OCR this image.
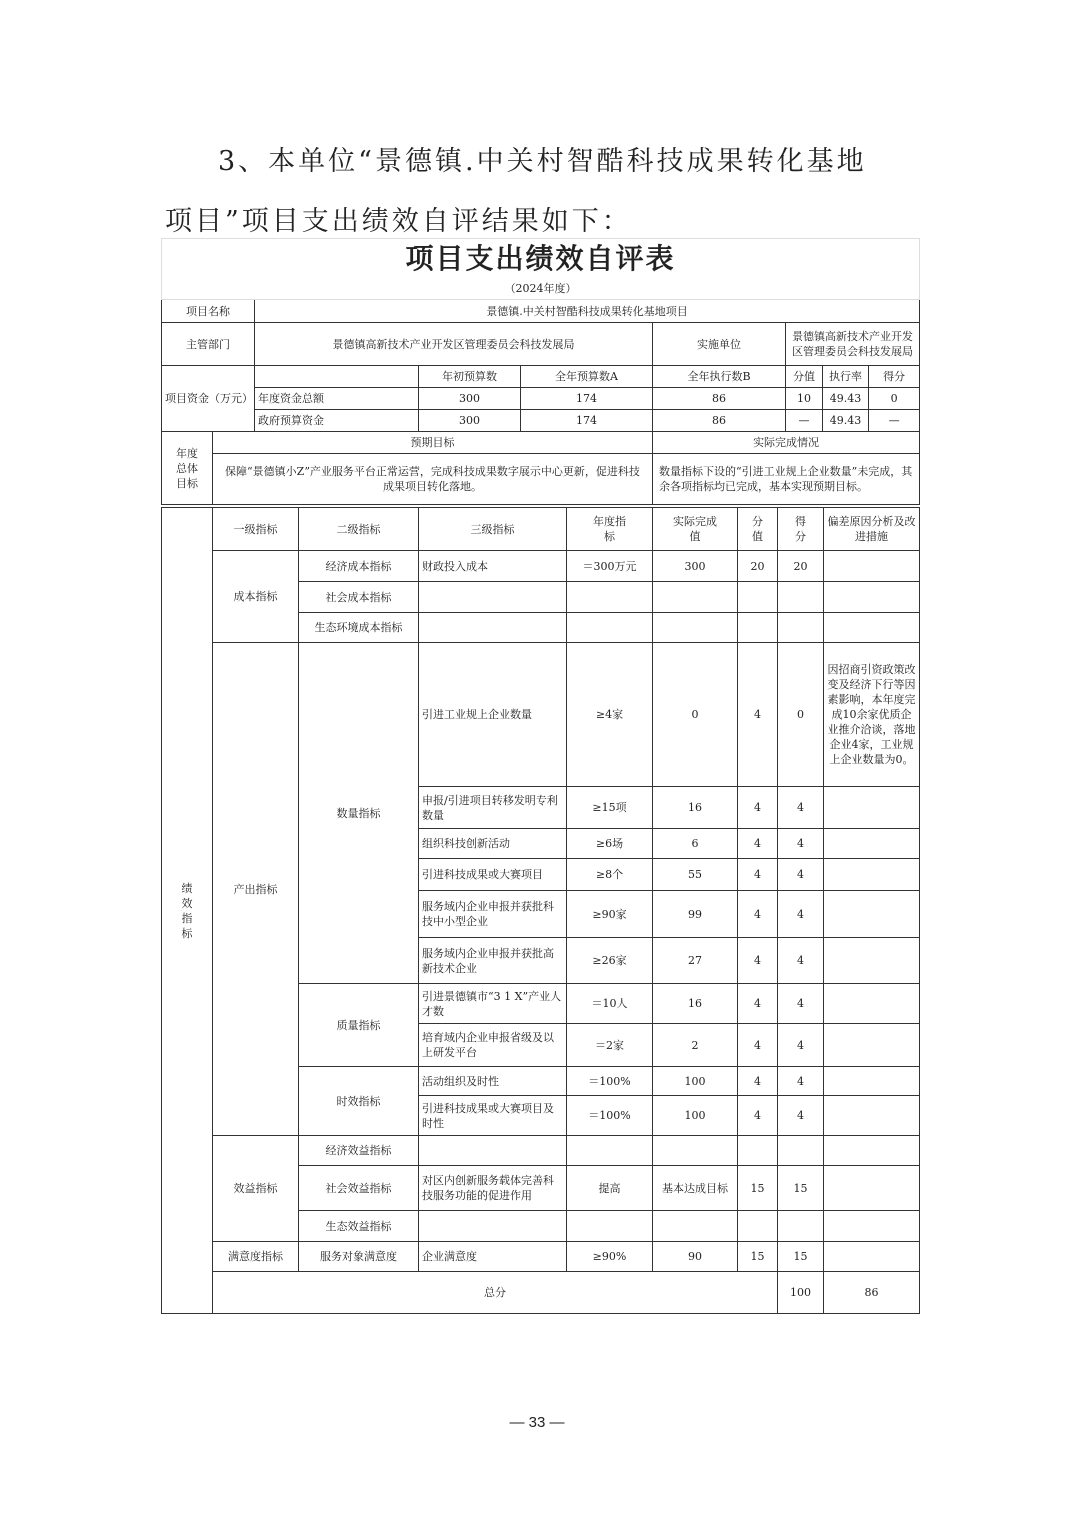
3、本单位“景德镇.中关村智酷科技成果转化基地项目”项目支出绩效自评结果如下：

项目支出绩效自评表								
（2024年度）								
项目名称		景德镇.中关村智酷科技成果转化基地项目						
主管部门		景德镇高新技术产业开发区管理委员会科技发展局			实施单位	景德镇高新技术产业开发区管理委员会科技发展局		
项目资金（万元）			年初预算数	全年预算数A	全年执行数B	分值	执行率	得分
		年度资金总额	300	174	86	10	49.43	0
		政府预算资金	300	174	86	—	49.43	—
年度总体目标	预期目标				实际完成情况			
	保障“景德镇小Z”产业服务平台正常运营，完成科技成果数字展示中心更新，促进科技成果项目转化落地。				数量指标下设的“引进工业规上企业数量”未完成，其余各项指标均已完成，基本实现预期目标。			
绩效指标	一级指标	二级指标	三级指标	年度指标	实际完成值	分值	得分	偏差原因分析及改进措施	
	成本指标	经济成本指标	财政投入成本	＝300万元	300	20	20		
		社会成本指标							
		生态环境成本指标							
	产出指标	数量指标	引进工业规上企业数量	≥4家	0	4	0	因招商引资政策改变及经济下行等因素影响，本年度完成10余家优质企业推介洽谈，落地企业4家，工业规上企业数量为0。	
			申报/引进项目转移发明专利数量	≥15项	16	4	4		
			组织科技创新活动	≥6场	6	4	4		
			引进科技成果或大赛项目	≥8个	55	4	4		
			服务域内企业申报并获批科技中小型企业	≥90家	99	4	4		
			服务域内企业申报并获批高新技术企业	≥26家	27	4	4		
		质量指标	引进景德镇市“3 1 X”产业人才数	＝10人	16	4	4		
			培育域内企业申报省级及以上研发平台	＝2家	2	4	4		
		时效指标	活动组织及时性	＝100%	100	4	4		
			引进科技成果或大赛项目及时性	＝100%	100	4	4		
	效益指标	经济效益指标							
		社会效益指标	对区内创新服务载体完善科技服务功能的促进作用	提高	基本达成目标	15	15		
		生态效益指标							
	满意度指标	服务对象满意度	企业满意度	≥90%	90	15	15		
	总分						100	86	
— 33 —
